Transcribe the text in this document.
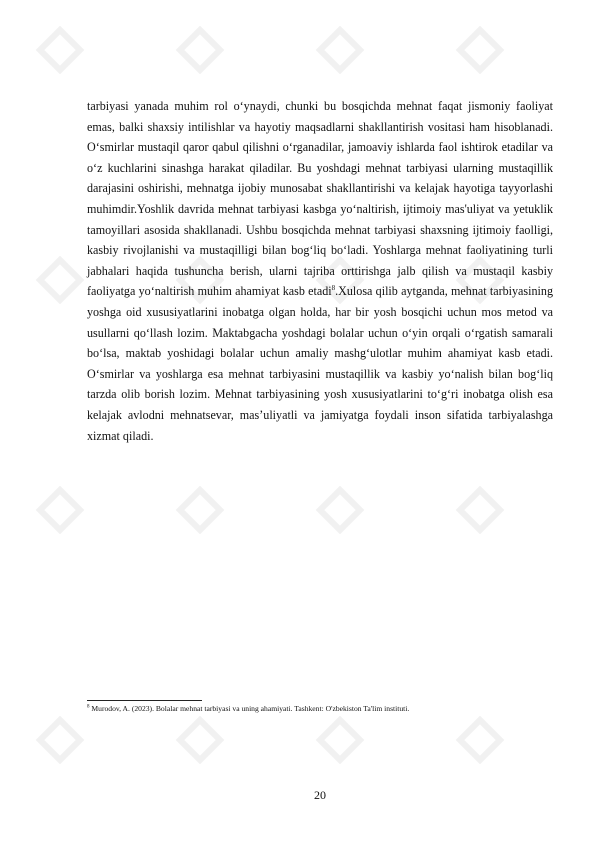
tarbiyasi yanada muhim rol o‘ynaydi, chunki bu bosqichda mehnat faqat jismoniy faoliyat emas, balki shaxsiy intilishlar va hayotiy maqsadlarni shakllantirish vositasi ham hisoblanadi. O‘smirlar mustaqil qaror qabul qilishni o‘rganadilar, jamoaviy ishlarda faol ishtirok etadilar va o‘z kuchlarini sinashga harakat qiladilar. Bu yoshdagi mehnat tarbiyasi ularning mustaqillik darajasini oshirishi, mehnatga ijobiy munosabat shakllantirishi va kelajak hayotiga tayyorlashi muhimdir.Yoshlik davrida mehnat tarbiyasi kasbga yo‘naltirish, ijtimoiy mas'uliyat va yetuklik tamoyillari asosida shakllanadi. Ushbu bosqichda mehnat tarbiyasi shaxsning ijtimoiy faolligi, kasbiy rivojlanishi va mustaqilligi bilan bog‘liq bo‘ladi. Yoshlarga mehnat faoliyatining turli jabhalari haqida tushuncha berish, ularni tajriba orttirishga jalb qilish va mustaqil kasbiy faoliyatga yo‘naltirish muhim ahamiyat kasb etadi$^8$.Xulosa qilib aytganda, mehnat tarbiyasining yoshga oid xususiyatlarini inobatga olgan holda, har bir yosh bosqichi uchun mos metod va usullarni qo‘llash lozim. Maktabgacha yoshdagi bolalar uchun o‘yin orqali o‘rgatish samarali bo‘lsa, maktab yoshidagi bolalar uchun amaliy mashg‘ulotlar muhim ahamiyat kasb etadi. O‘smirlar va yoshlarga esa mehnat tarbiyasini mustaqillik va kasbiy yo‘nalish bilan bog‘liq tarzda olib borish lozim. Mehnat tarbiyasining yosh xususiyatlarini to‘g‘ri inobatga olish esa kelajak avlodni mehnatsevar, mas’uliyatli va jamiyatga foydali inson sifatida tarbiyalashga xizmat qiladi.

$^8$ Murodov, A. (2023). Bolalar mehnat tarbiyasi va uning ahamiyati. Tashkent: O'zbekiston Ta'lim instituti.

20
